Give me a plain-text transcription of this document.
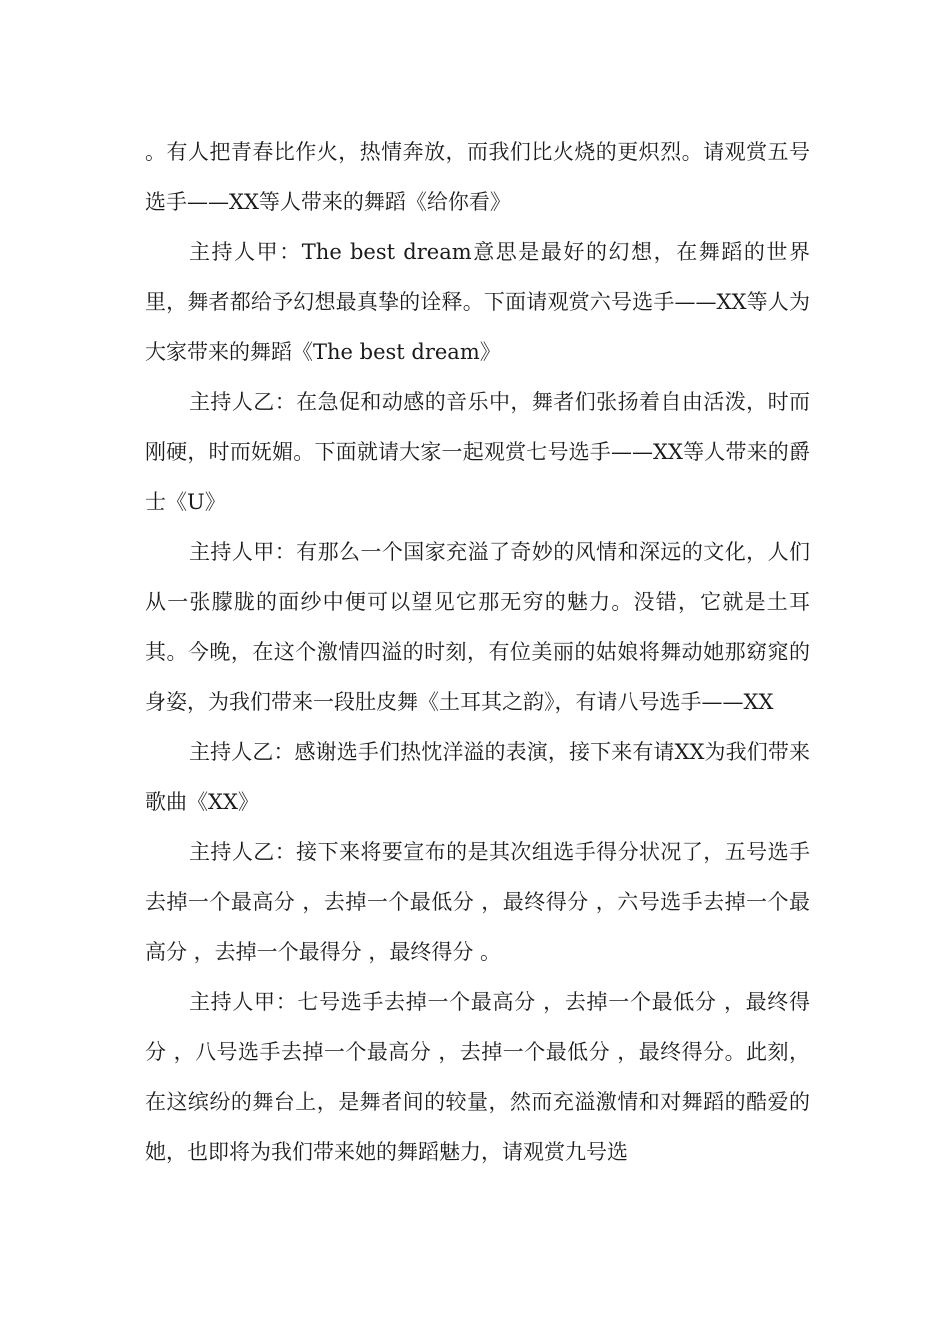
。有人把青春比作火，热情奔放，而我们比火烧的更炽烈。请观赏五号选手——XX等人带来的舞蹈《给你看》

主持人甲：The best dream意思是最好的幻想，在舞蹈的世界里，舞者都给予幻想最真挚的诠释。下面请观赏六号选手——XX等人为大家带来的舞蹈《The best dream》

主持人乙：在急促和动感的音乐中，舞者们张扬着自由活泼，时而刚硬，时而妩媚。下面就请大家一起观赏七号选手——XX等人带来的爵士《U》

主持人甲：有那么一个国家充溢了奇妙的风情和深远的文化，人们从一张朦胧的面纱中便可以望见它那无穷的魅力。没错，它就是土耳其。今晚，在这个激情四溢的时刻，有位美丽的姑娘将舞动她那窈窕的身姿，为我们带来一段肚皮舞《土耳其之韵》，有请八号选手——XX

主持人乙：感谢选手们热忱洋溢的表演，接下来有请XX为我们带来歌曲《XX》

主持人乙：接下来将要宣布的是其次组选手得分状况了，五号选手去掉一个最高分 ，去掉一个最低分 ，最终得分 ，六号选手去掉一个最高分 ，去掉一个最得分 ，最终得分 。

主持人甲：七号选手去掉一个最高分 ，去掉一个最低分 ，最终得分 ，八号选手去掉一个最高分 ，去掉一个最低分 ，最终得分。此刻，在这缤纷的舞台上，是舞者间的较量，然而充溢激情和对舞蹈的酷爱的她，也即将为我们带来她的舞蹈魅力，请观赏九号选
